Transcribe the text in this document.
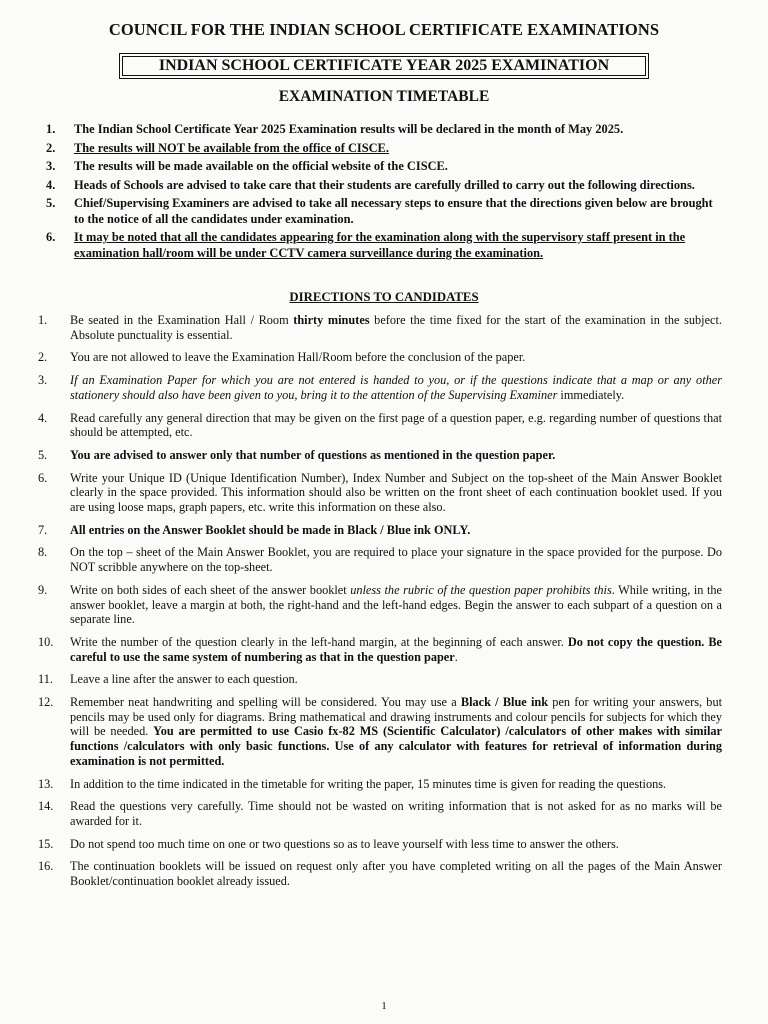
COUNCIL FOR THE INDIAN SCHOOL CERTIFICATE EXAMINATIONS
INDIAN SCHOOL CERTIFICATE YEAR 2025 EXAMINATION
EXAMINATION TIMETABLE
1. The Indian School Certificate Year 2025 Examination results will be declared in the month of May 2025.
2. The results will NOT be available from the office of CISCE.
3. The results will be made available on the official website of the CISCE.
4. Heads of Schools are advised to take care that their students are carefully drilled to carry out the following directions.
5. Chief/Supervising Examiners are advised to take all necessary steps to ensure that the directions given below are brought to the notice of all the candidates under examination.
6. It may be noted that all the candidates appearing for the examination along with the supervisory staff present in the examination hall/room will be under CCTV camera surveillance during the examination.
DIRECTIONS TO CANDIDATES
1. Be seated in the Examination Hall / Room thirty minutes before the time fixed for the start of the examination in the subject. Absolute punctuality is essential.
2. You are not allowed to leave the Examination Hall/Room before the conclusion of the paper.
3. If an Examination Paper for which you are not entered is handed to you, or if the questions indicate that a map or any other stationery should also have been given to you, bring it to the attention of the Supervising Examiner immediately.
4. Read carefully any general direction that may be given on the first page of a question paper, e.g. regarding number of questions that should be attempted, etc.
5. You are advised to answer only that number of questions as mentioned in the question paper.
6. Write your Unique ID (Unique Identification Number), Index Number and Subject on the top-sheet of the Main Answer Booklet clearly in the space provided. This information should also be written on the front sheet of each continuation booklet used. If you are using loose maps, graph papers, etc. write this information on these also.
7. All entries on the Answer Booklet should be made in Black / Blue ink ONLY.
8. On the top – sheet of the Main Answer Booklet, you are required to place your signature in the space provided for the purpose. Do NOT scribble anywhere on the top-sheet.
9. Write on both sides of each sheet of the answer booklet unless the rubric of the question paper prohibits this. While writing, in the answer booklet, leave a margin at both, the right-hand and the left-hand edges. Begin the answer to each subpart of a question on a separate line.
10. Write the number of the question clearly in the left-hand margin, at the beginning of each answer. Do not copy the question. Be careful to use the same system of numbering as that in the question paper.
11. Leave a line after the answer to each question.
12. Remember neat handwriting and spelling will be considered. You may use a Black / Blue ink pen for writing your answers, but pencils may be used only for diagrams. Bring mathematical and drawing instruments and colour pencils for subjects for which they will be needed. You are permitted to use Casio fx-82 MS (Scientific Calculator) /calculators of other makes with similar functions /calculators with only basic functions. Use of any calculator with features for retrieval of information during examination is not permitted.
13. In addition to the time indicated in the timetable for writing the paper, 15 minutes time is given for reading the questions.
14. Read the questions very carefully. Time should not be wasted on writing information that is not asked for as no marks will be awarded for it.
15. Do not spend too much time on one or two questions so as to leave yourself with less time to answer the others.
16. The continuation booklets will be issued on request only after you have completed writing on all the pages of the Main Answer Booklet/continuation booklet already issued.
1
